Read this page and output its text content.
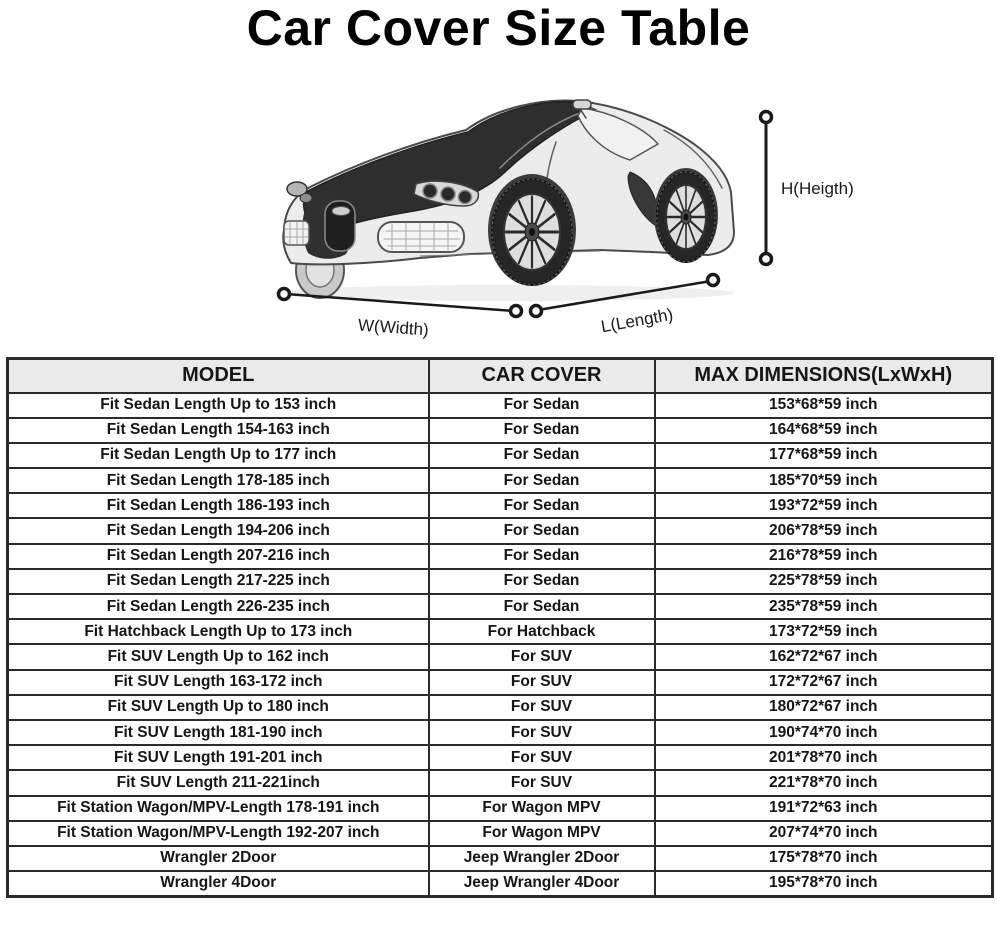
Car Cover Size Table
H(Heigth)
W(Width)	L(Length)
MODEL	CAR COVER	MAX DIMENSIONS(LxWxH)
Fit Sedan Length Up to 153 inch	For Sedan	153*68*59 inch
Fit Sedan Length 154-163 inch	For Sedan	164*68*59 inch
Fit Sedan Length Up to 177 inch	For Sedan	177*68*59 inch
Fit Sedan Length 178-185 inch	For Sedan	185*70*59 inch
Fit Sedan Length 186-193 inch	For Sedan	193*72*59 inch
Fit Sedan Length 194-206 inch	For Sedan	206*78*59 inch
Fit Sedan Length 207-216 inch	For Sedan	216*78*59 inch
Fit Sedan Length 217-225 inch	For Sedan	225*78*59 inch
Fit Sedan Length 226-235 inch	For Sedan	235*78*59 inch
Fit Hatchback Length Up to 173 inch	For Hatchback	173*72*59 inch
Fit SUV Length Up to 162 inch	For SUV	162*72*67 inch
Fit SUV Length 163-172 inch	For SUV	172*72*67 inch
Fit SUV Length Up to 180 inch	For SUV	180*72*67 inch
Fit SUV Length 181-190 inch	For SUV	190*74*70 inch
Fit SUV Length 191-201 inch	For SUV	201*78*70 inch
Fit SUV Length 211-221inch	For SUV	221*78*70 inch
Fit Station Wagon/MPV-Length 178-191 inch	For Wagon MPV	191*72*63 inch
Fit Station Wagon/MPV-Length 192-207 inch	For Wagon MPV	207*74*70 inch
Wrangler 2Door	Jeep Wrangler 2Door	175*78*70 inch
Wrangler 4Door	Jeep Wrangler 4Door	195*78*70 inch
